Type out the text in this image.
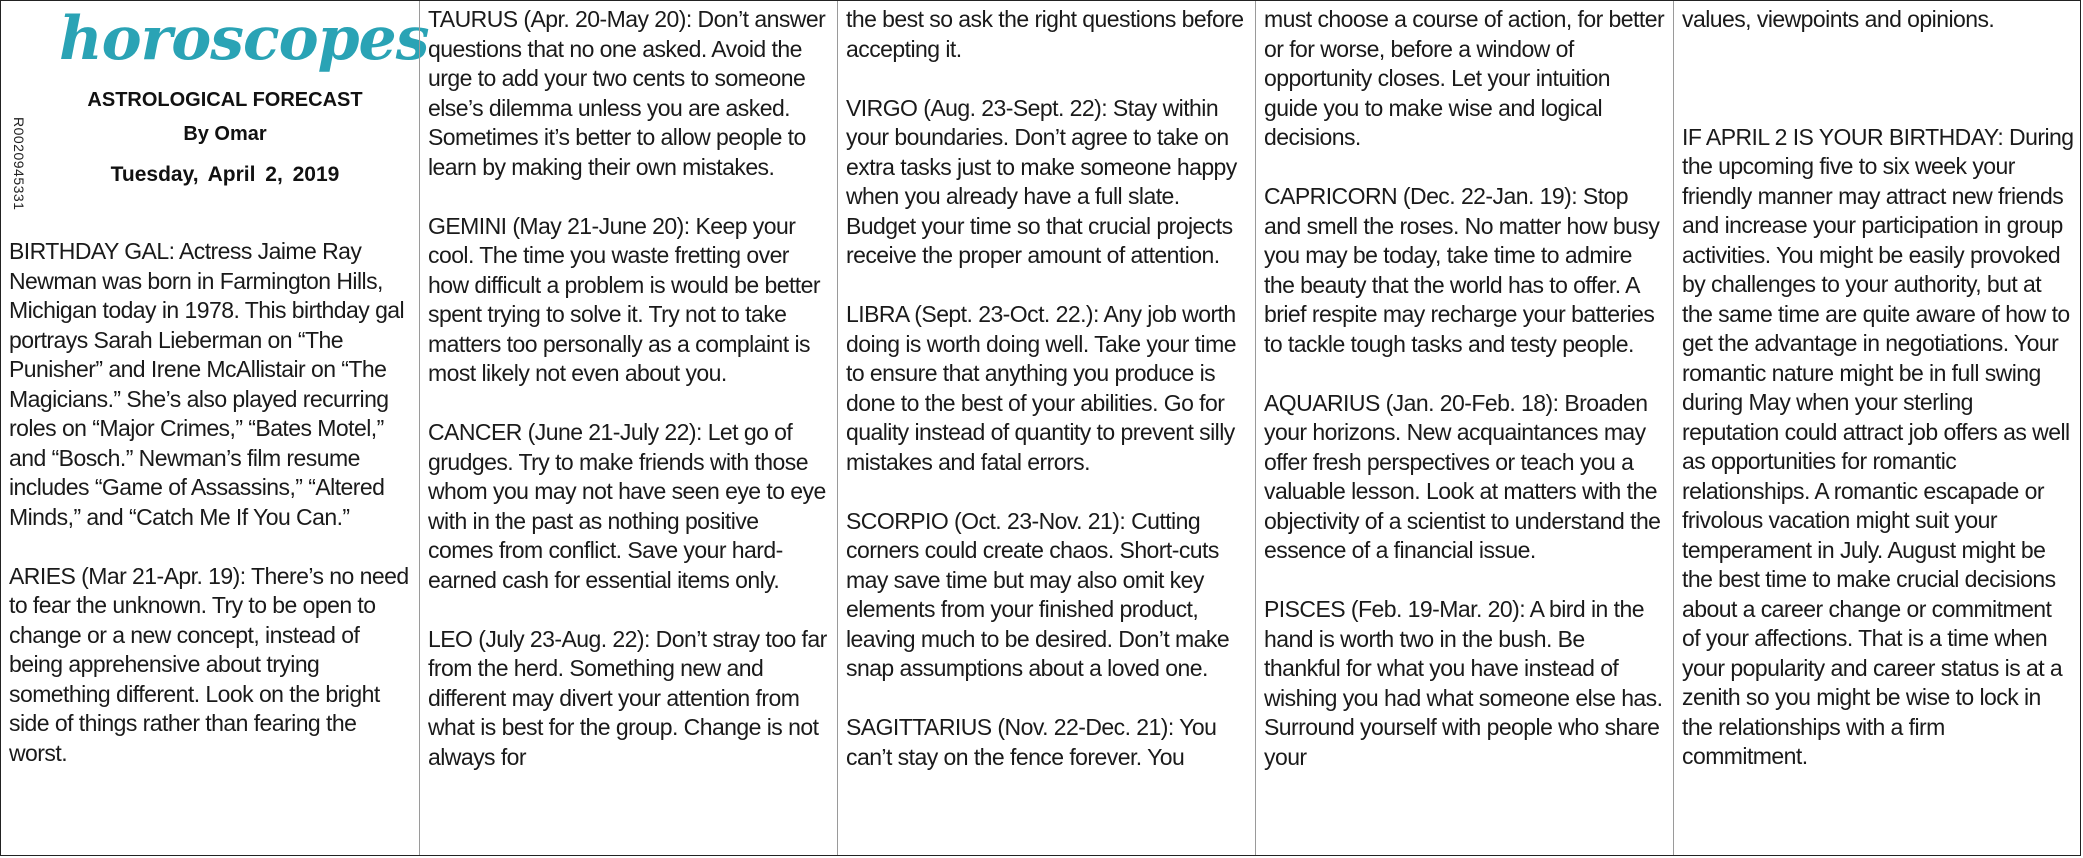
horoscopes
ASTROLOGICAL FORECAST
By Omar
Tuesday, April 2, 2019
R0020945331

BIRTHDAY GAL: Actress Jaime Ray Newman was born in Farmington Hills, Michigan today in 1978. This birthday gal portrays Sarah Lieberman on “The Punisher” and Irene McAllistair on “The Magicians.” She’s also played recurring roles on “Major Crimes,” “Bates Motel,” and “Bosch.” Newman’s film resume includes “Game of Assassins,” “Altered Minds,” and “Catch Me If You Can.”

ARIES (Mar 21-Apr. 19): There’s no need to fear the unknown. Try to be open to change or a new concept, instead of being apprehensive about trying something different. Look on the bright side of things rather than fearing the worst.

TAURUS (Apr. 20-May 20): Don’t answer questions that no one asked. Avoid the urge to add your two cents to someone else’s dilemma unless you are asked. Sometimes it’s better to allow people to learn by making their own mistakes.

GEMINI (May 21-June 20): Keep your cool. The time you waste fretting over how difficult a problem is would be better spent trying to solve it. Try not to take matters too personally as a complaint is most likely not even about you.

CANCER (June 21-July 22): Let go of grudges. Try to make friends with those whom you may not have seen eye to eye with in the past as nothing positive comes from conflict. Save your hard-earned cash for essential items only.

LEO (July 23-Aug. 22): Don’t stray too far from the herd. Something new and different may divert your attention from what is best for the group. Change is not always for

the best so ask the right questions before accepting it.

VIRGO (Aug. 23-Sept. 22): Stay within your boundaries. Don’t agree to take on extra tasks just to make someone happy when you already have a full slate. Budget your time so that crucial projects receive the proper amount of attention.

LIBRA (Sept. 23-Oct. 22.): Any job worth doing is worth doing well. Take your time to ensure that anything you produce is done to the best of your abilities. Go for quality instead of quantity to prevent silly mistakes and fatal errors.

SCORPIO (Oct. 23-Nov. 21): Cutting corners could create chaos. Short-cuts may save time but may also omit key elements from your finished product, leaving much to be desired. Don’t make snap assumptions about a loved one.

SAGITTARIUS (Nov. 22-Dec. 21): You can’t stay on the fence forever. You

must choose a course of action, for better or for worse, before a window of opportunity closes. Let your intuition guide you to make wise and logical decisions.

CAPRICORN (Dec. 22-Jan. 19): Stop and smell the roses. No matter how busy you may be today, take time to admire the beauty that the world has to offer. A brief respite may recharge your batteries to tackle tough tasks and testy people.

AQUARIUS (Jan. 20-Feb. 18): Broaden your horizons. New acquaintances may offer fresh perspectives or teach you a valuable lesson. Look at matters with the objectivity of a scientist to understand the essence of a financial issue.

PISCES (Feb. 19-Mar. 20): A bird in the hand is worth two in the bush. Be thankful for what you have instead of wishing you had what someone else has. Surround yourself with people who share your

values, viewpoints and opinions.

IF APRIL 2 IS YOUR BIRTHDAY: During the upcoming five to six week your friendly manner may attract new friends and increase your participation in group activities. You might be easily provoked by challenges to your authority, but at the same time are quite aware of how to get the advantage in negotiations. Your romantic nature might be in full swing during May when your sterling reputation could attract job offers as well as opportunities for romantic relationships. A romantic escapade or frivolous vacation might suit your temperament in July. August might be the best time to make crucial decisions about a career change or commitment of your affections. That is a time when your popularity and career status is at a zenith so you might be wise to lock in the relationships with a firm commitment.
